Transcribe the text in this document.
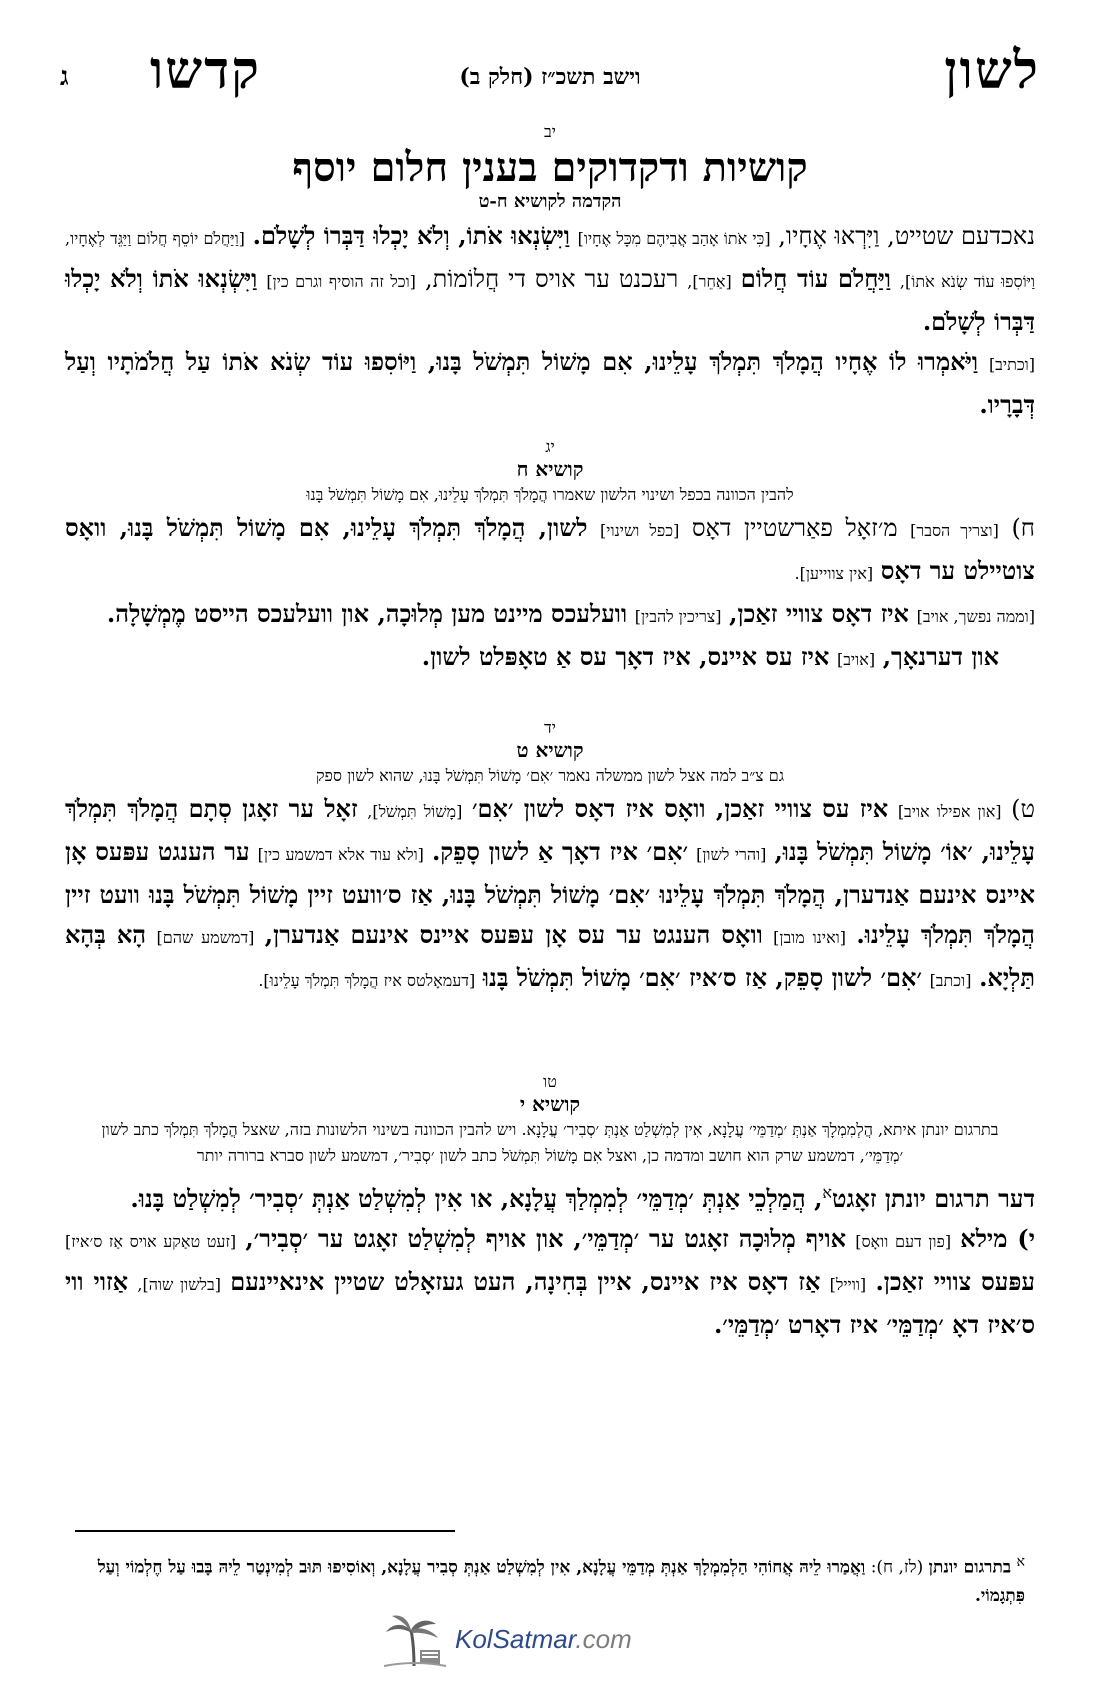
לשון
וישב תשכ״ז (חלק ב)
קדשו
ג
יב
קושיות ודקדוקים בענין חלום יוסף
הקדמה לקושיא ח-ט
נאכדעם שטייט, וַיִּרְאוּ אֶחָיו, [כִּי אֹתוֹ אָהַב אֲבִיהֶם מִכָּל אֶחָיו] וַיִּשְׂנְאוּ אֹתוֹ, וְלֹא יָכְלוּ דַּבְּרוֹ לְשָׁלֹם. [וַיַּחֲלֹם יוֹסֵף חֲלוֹם וַיַּגֵּד לְאֶחָיו, וַיּוֹסִפוּ עוֹד שְׂנֹא אֹתוֹ], וַיַּחֲלֹם עוֹד חֲלוֹם [אַחֵר], רעכנט ער אויס די חֲלוֹמוֹת, [וכל זה הוסיף וגרם כין] וַיִּשְׂנְאוּ אֹתוֹ וְלֹא יָכְלוּ דַּבְּרוֹ לְשָׁלֹם.
[וכתיב] וַיֹּאמְרוּ לוֹ אֶחָיו הֲמָלֹךְ תִּמְלֹךְ עָלֵינוּ, אִם מָשׁוֹל תִּמְשֹׁל בָּנוּ, וַיּוֹסִפוּ עוֹד שְׂנֹא אֹתוֹ עַל חֲלֹמֹתָיו וְעַל דְּבָרָיו.
יג
קושיא ח
להבין הכוונה בכפל ושינוי הלשון שאמרו הֲמָלֹךְ תִּמְלֹךְ עָלֵינוּ, אִם מָשׁוֹל תִּמְשֹׁל בָּנוּ
ח) [וצריך הסבר] מ׳זאָל פאַרשטיין דאָס [כפל ושינוי] לשון, הֲמָלֹךְ תִּמְלֹךְ עָלֵינוּ, אִם מָשׁוֹל תִּמְשֹׁל בָּנוּ, וואָס צוטיילט ער דאָס [אין צווייען].
[וממה נפשך, אויב] איז דאָס צוויי זאַכן, [צריכין להבין] וועלעכס מיינט מען מְלוּכָה, און וועלעכס הייסט מֶמְשָׁלָה.
און דערנאָך, [אויב] איז עס איינס, איז דאָך עס אַ טאָפּלט לשון.
יד
קושיא ט
גם צ״ב למה אצל לשון ממשלה נאמר ׳אִם׳ מָשׁוֹל תִּמְשֹׁל בָּנוּ, שהוא לשון ספק
ט) [און אפילו אויב] איז עס צוויי זאַכן, וואָס איז דאָס לשון ׳אִם׳ [מָשׁוֹל תִּמְשֹׁל], זאָל ער זאָגן סְתָם הֲמָלֹךְ תִּמְלֹךְ עָלֵינוּ, ׳אוֹ׳ מָשׁוֹל תִּמְשֹׁל בָּנוּ, [והרי לשון] ׳אִם׳ איז דאָך אַ לשון סָפֵק. [ולא עוד אלא דמשמע כין] ער הענגט עפּעס אָן איינס אינעם אַנדערן, הֲמָלֹךְ תִּמְלֹךְ עָלֵינוּ ׳אִם׳ מָשׁוֹל תִּמְשֹׁל בָּנוּ, אַז ס׳וועט זיין מָשׁוֹל תִּמְשֹׁל בָּנוּ וועט זיין הֲמָלֹךְ תִּמְלֹךְ עָלֵינוּ. [ואינו מובן] וואָס הענגט ער עס אָן עפּעס איינס אינעם אַנדערן, [דמשמע שהם] הָא בְּהָא תַּלְיָא. [וכתב] ׳אִם׳ לשון סָפֵק, אַז ס׳איז ׳אִם׳ מָשׁוֹל תִּמְשֹׁל בָּנוּ [דעמאָלטס איז הֲמָלֹךְ תִּמְלֹךְ עָלֵינוּ].
טו
קושיא י
בתרגום יונתן איתא, הֲלְמִמְלָךְ אַנְתְּ ׳מְדַמֵּי׳ עֲלָנָא, אִין לְמִשְׁלַט אַנְתְּ ׳סְבִיר׳ עֲלָנָא. ויש להבין הכוונה בשינוי הלשונות בזה, שאצל הֲמָלֹךְ תִּמְלֹךְ כתב לשון ׳מְדַמֵּי׳, דמשמע שרק הוא חושב ומדמה כן, ואצל אִם מָשׁוֹל תִּמְשֹׁל כתב לשון ׳סְבִיר׳, דמשמע לשון סברא ברורה יותר
דער תרגום יונתן זאָגט$^א$, הֲמַלְכֵי אַנְתְּ ׳מְדַמֵּי׳ לְמִמְלַךְ עֲלָנָא, או אִין לְמִשְׁלַט אַנְתְּ ׳סְבִיר׳ לְמִשְׁלַט בָּנוּ.
י) מילא [פון דעם וואָס] אויף מְלוּכָה זאָגט ער ׳מְדַמֵּי׳, און אויף לְמִשְׁלַט זאָגט ער ׳סְבִיר׳, [זעט טאַקע אויס אַז ס׳איז] עפּעס צוויי זאַכן. [ווייל] אַז דאָס איז איינס, איין בְּחִינָה, העט געזאָלט שטיין אינאיינעם [בלשון שוה], אַזוי ווי ס׳איז דאָ ׳מְדַמֵּי׳ איז דאָרט ׳מְדַמֵּי׳.
$^א$ בתרגום יונתן (לז, ח): וַאֲמַרוּ לֵיהּ אֲחוֹהִי הַלְמִמְלָךְ אַנְתְּ מְדַמֵּי עֲלָנָא, אִין לְמִשְׁלַט אַנְתְּ סְבִיר עֲלָנָא, וְאוֹסִיפוּ תּוּב לְמִינְטַר לֵיהּ בָּבוּ עַל חֶלְמוֹי וְעַל פִּתְגָמוֹי.
KolSatmar.com
